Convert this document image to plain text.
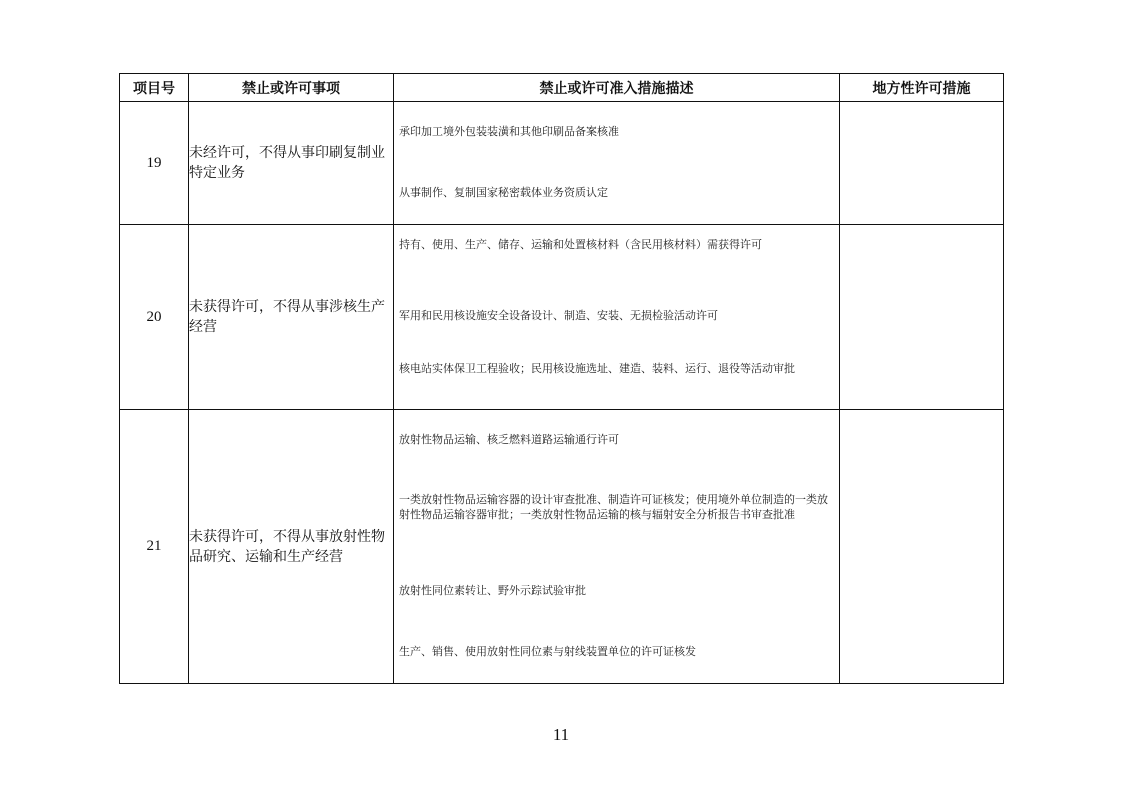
项目号	禁止或许可事项	禁止或许可准入措施描述	地方性许可措施
19	未经许可，不得从事印刷复制业特定业务	承印加工境外包装装潢和其他印刷品备案核准

从事制作、复制国家秘密载体业务资质认定	

20	未获得许可，不得从事涉核生产经营	持有、使用、生产、储存、运输和处置核材料（含民用核材料）需获得许可

军用和民用核设施安全设备设计、制造、安装、无损检验活动许可

核电站实体保卫工程验收；民用核设施选址、建造、装料、运行、退役等活动审批	

21	未获得许可，不得从事放射性物品研究、运输和生产经营	放射性物品运输、核乏燃料道路运输通行许可

一类放射性物品运输容器的设计审查批准、制造许可证核发；使用境外单位制造的一类放射性物品运输容器审批；一类放射性物品运输的核与辐射安全分析报告书审查批准

放射性同位素转让、野外示踪试验审批

生产、销售、使用放射性同位素与射线装置单位的许可证核发	

11
